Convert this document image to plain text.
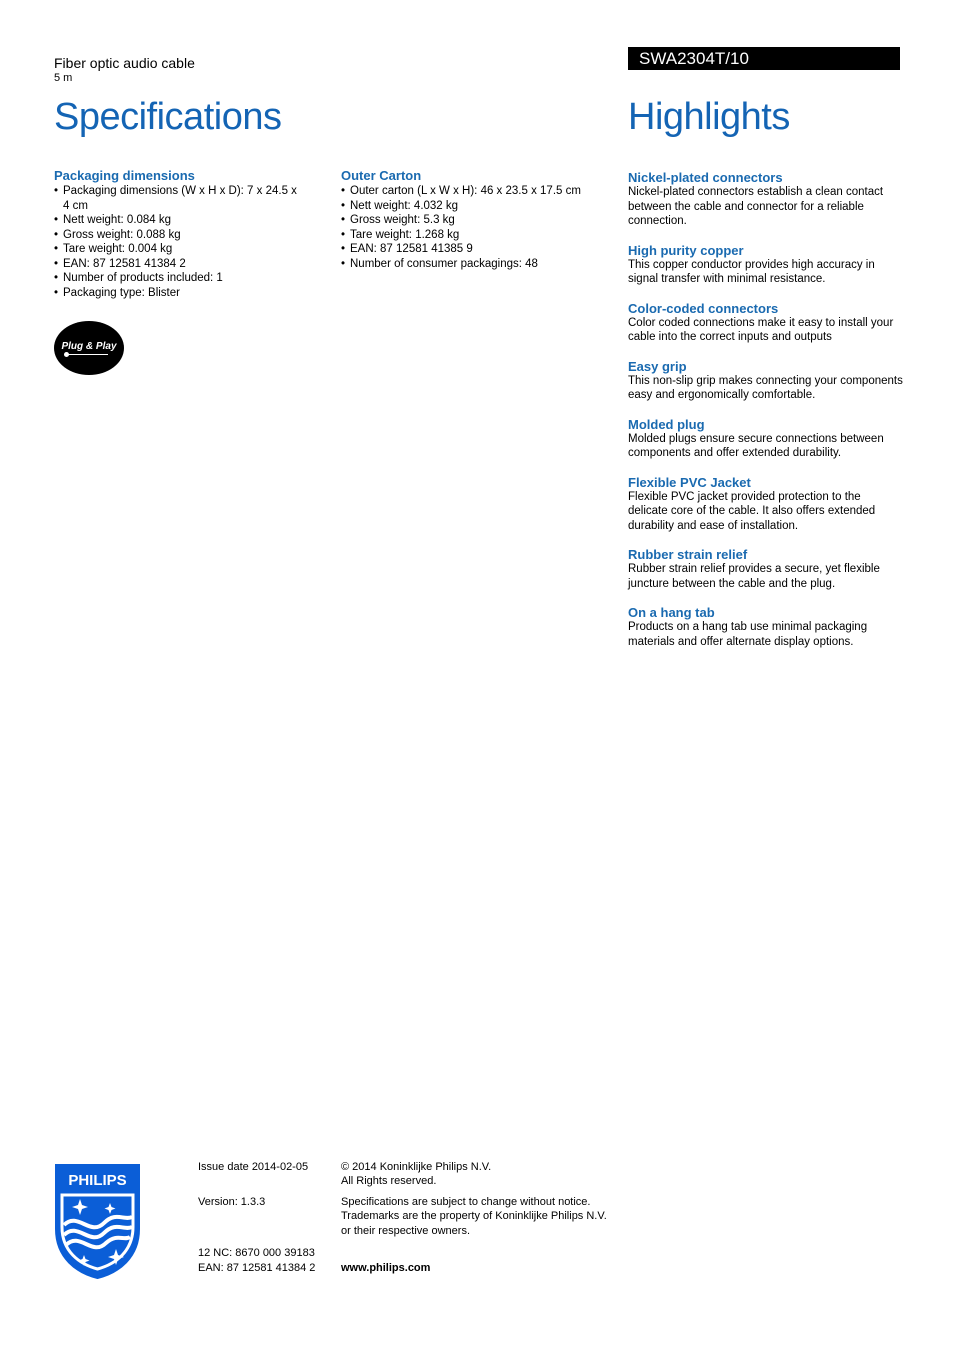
Fiber optic audio cable
5 m
SWA2304T/10
Specifications	Highlights
Packaging dimensions
• Packaging dimensions (W x H x D): 7 x 24.5 x 4 cm
• Nett weight: 0.084 kg
• Gross weight: 0.088 kg
• Tare weight: 0.004 kg
• EAN: 87 12581 41384 2
• Number of products included: 1
• Packaging type: Blister
Outer Carton
• Outer carton (L x W x H): 46 x 23.5 x 17.5 cm
• Nett weight: 4.032 kg
• Gross weight: 5.3 kg
• Tare weight: 1.268 kg
• EAN: 87 12581 41385 9
• Number of consumer packagings: 48
Plug & Play
Nickel-plated connectors

Nickel-plated connectors establish a clean contact between the cable and connector for a reliable connection.

High purity copper

This copper conductor provides high accuracy in signal transfer with minimal resistance.

Color-coded connectors

Color coded connections make it easy to install your cable into the correct inputs and outputs

Easy grip

This non-slip grip makes connecting your components easy and ergonomically comfortable.

Molded plug

Molded plugs ensure secure connections between components and offer extended durability.

Flexible PVC Jacket

Flexible PVC jacket provided protection to the delicate core of the cable. It also offers extended durability and ease of installation.

Rubber strain relief

Rubber strain relief provides a secure, yet flexible juncture between the cable and the plug.

On a hang tab

Products on a hang tab use minimal packaging materials and offer alternate display options.

PHILIPS
Issue date 2014-02-05
Version: 1.3.3
12 NC: 8670 000 39183
EAN: 87 12581 41384 2
© 2014 Koninklijke Philips N.V.
All Rights reserved.
Specifications are subject to change without notice.
Trademarks are the property of Koninklijke Philips N.V.
or their respective owners.
www.philips.com
